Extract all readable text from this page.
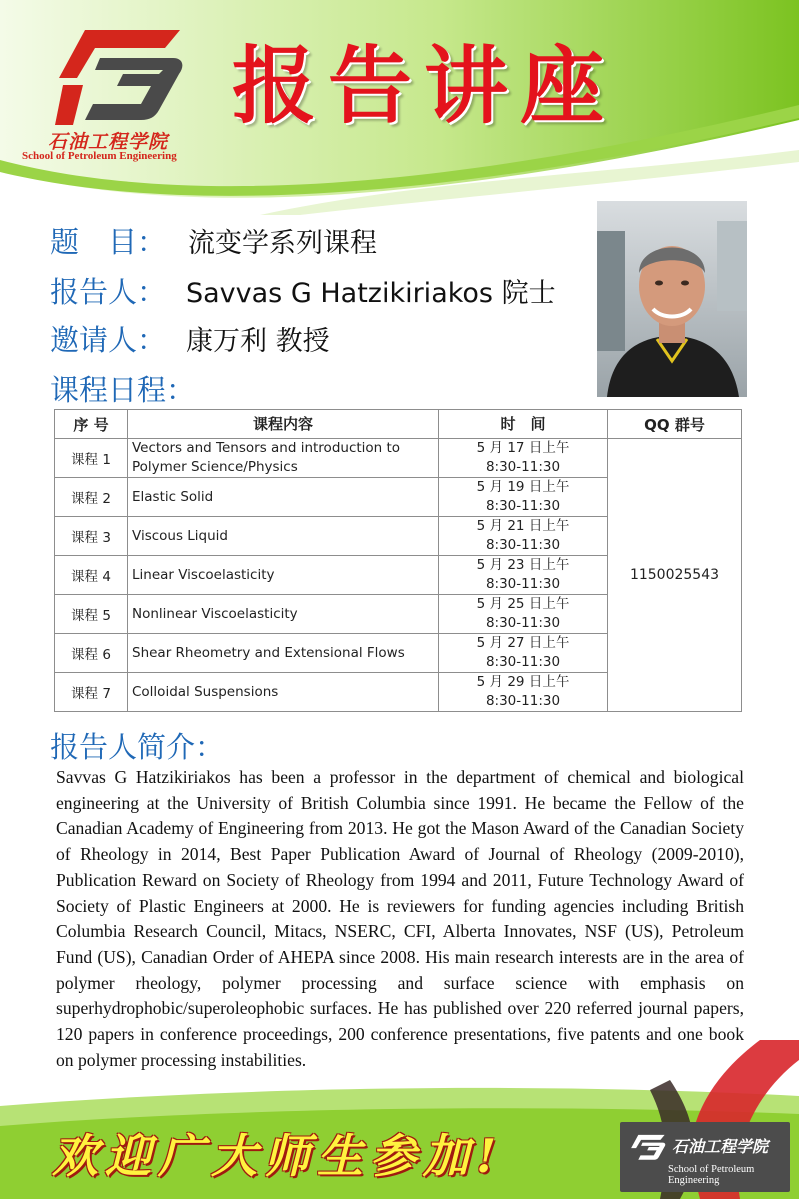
石油工程学院
School of Petroleum Engineering
报告讲座
题　目： 流变学系列课程
报告人： Savvas G Hatzikiriakos 院士
邀请人： 康万利 教授
课程日程：
序 号	课程内容	时　间	QQ 群号
课程 1	Vectors and Tensors and introduction to Polymer Science/Physics	5 月 17 日上午
8:30-11:30	1150025543
课程 2	Elastic Solid	5 月 19 日上午
8:30-11:30	

课程 3	Viscous Liquid	5 月 21 日上午
8:30-11:30	

课程 4	Linear Viscoelasticity	5 月 23 日上午
8:30-11:30	

课程 5	Nonlinear Viscoelasticity	5 月 25 日上午
8:30-11:30	

课程 6	Shear Rheometry and Extensional Flows	5 月 27 日上午
8:30-11:30	

课程 7	Colloidal Suspensions	5 月 29 日上午
8:30-11:30	
报告人简介：
Savvas G Hatzikiriakos has been a professor in the department of chemical and biological engineering at the University of British Columbia since 1991. He became the Fellow of the Canadian Academy of Engineering from 2013. He got the Mason Award of the Canadian Society of Rheology in 2014, Best Paper Publication Award of Journal of Rheology (2009-2010), Publication Reward on Society of Rheology from 1994 and 2011, Future Technology Award of Society of Plastic Engineers at 2000. He is reviewers for funding agencies including British Columbia Research Council, Mitacs, NSERC, CFI, Alberta Innovates, NSF (US), Petroleum Fund (US), Canadian Order of AHEPA since 2008. His main research interests are in the area of polymer rheology, polymer processing and surface science with emphasis on superhydrophobic/superoleophobic surfaces. He has published over 220 referred journal papers, 120 papers in conference proceedings, 200 conference presentations, five patents and one book on polymer processing instabilities.
欢迎广大师生参加!	石油工程学院
School of Petroleum Engineering
